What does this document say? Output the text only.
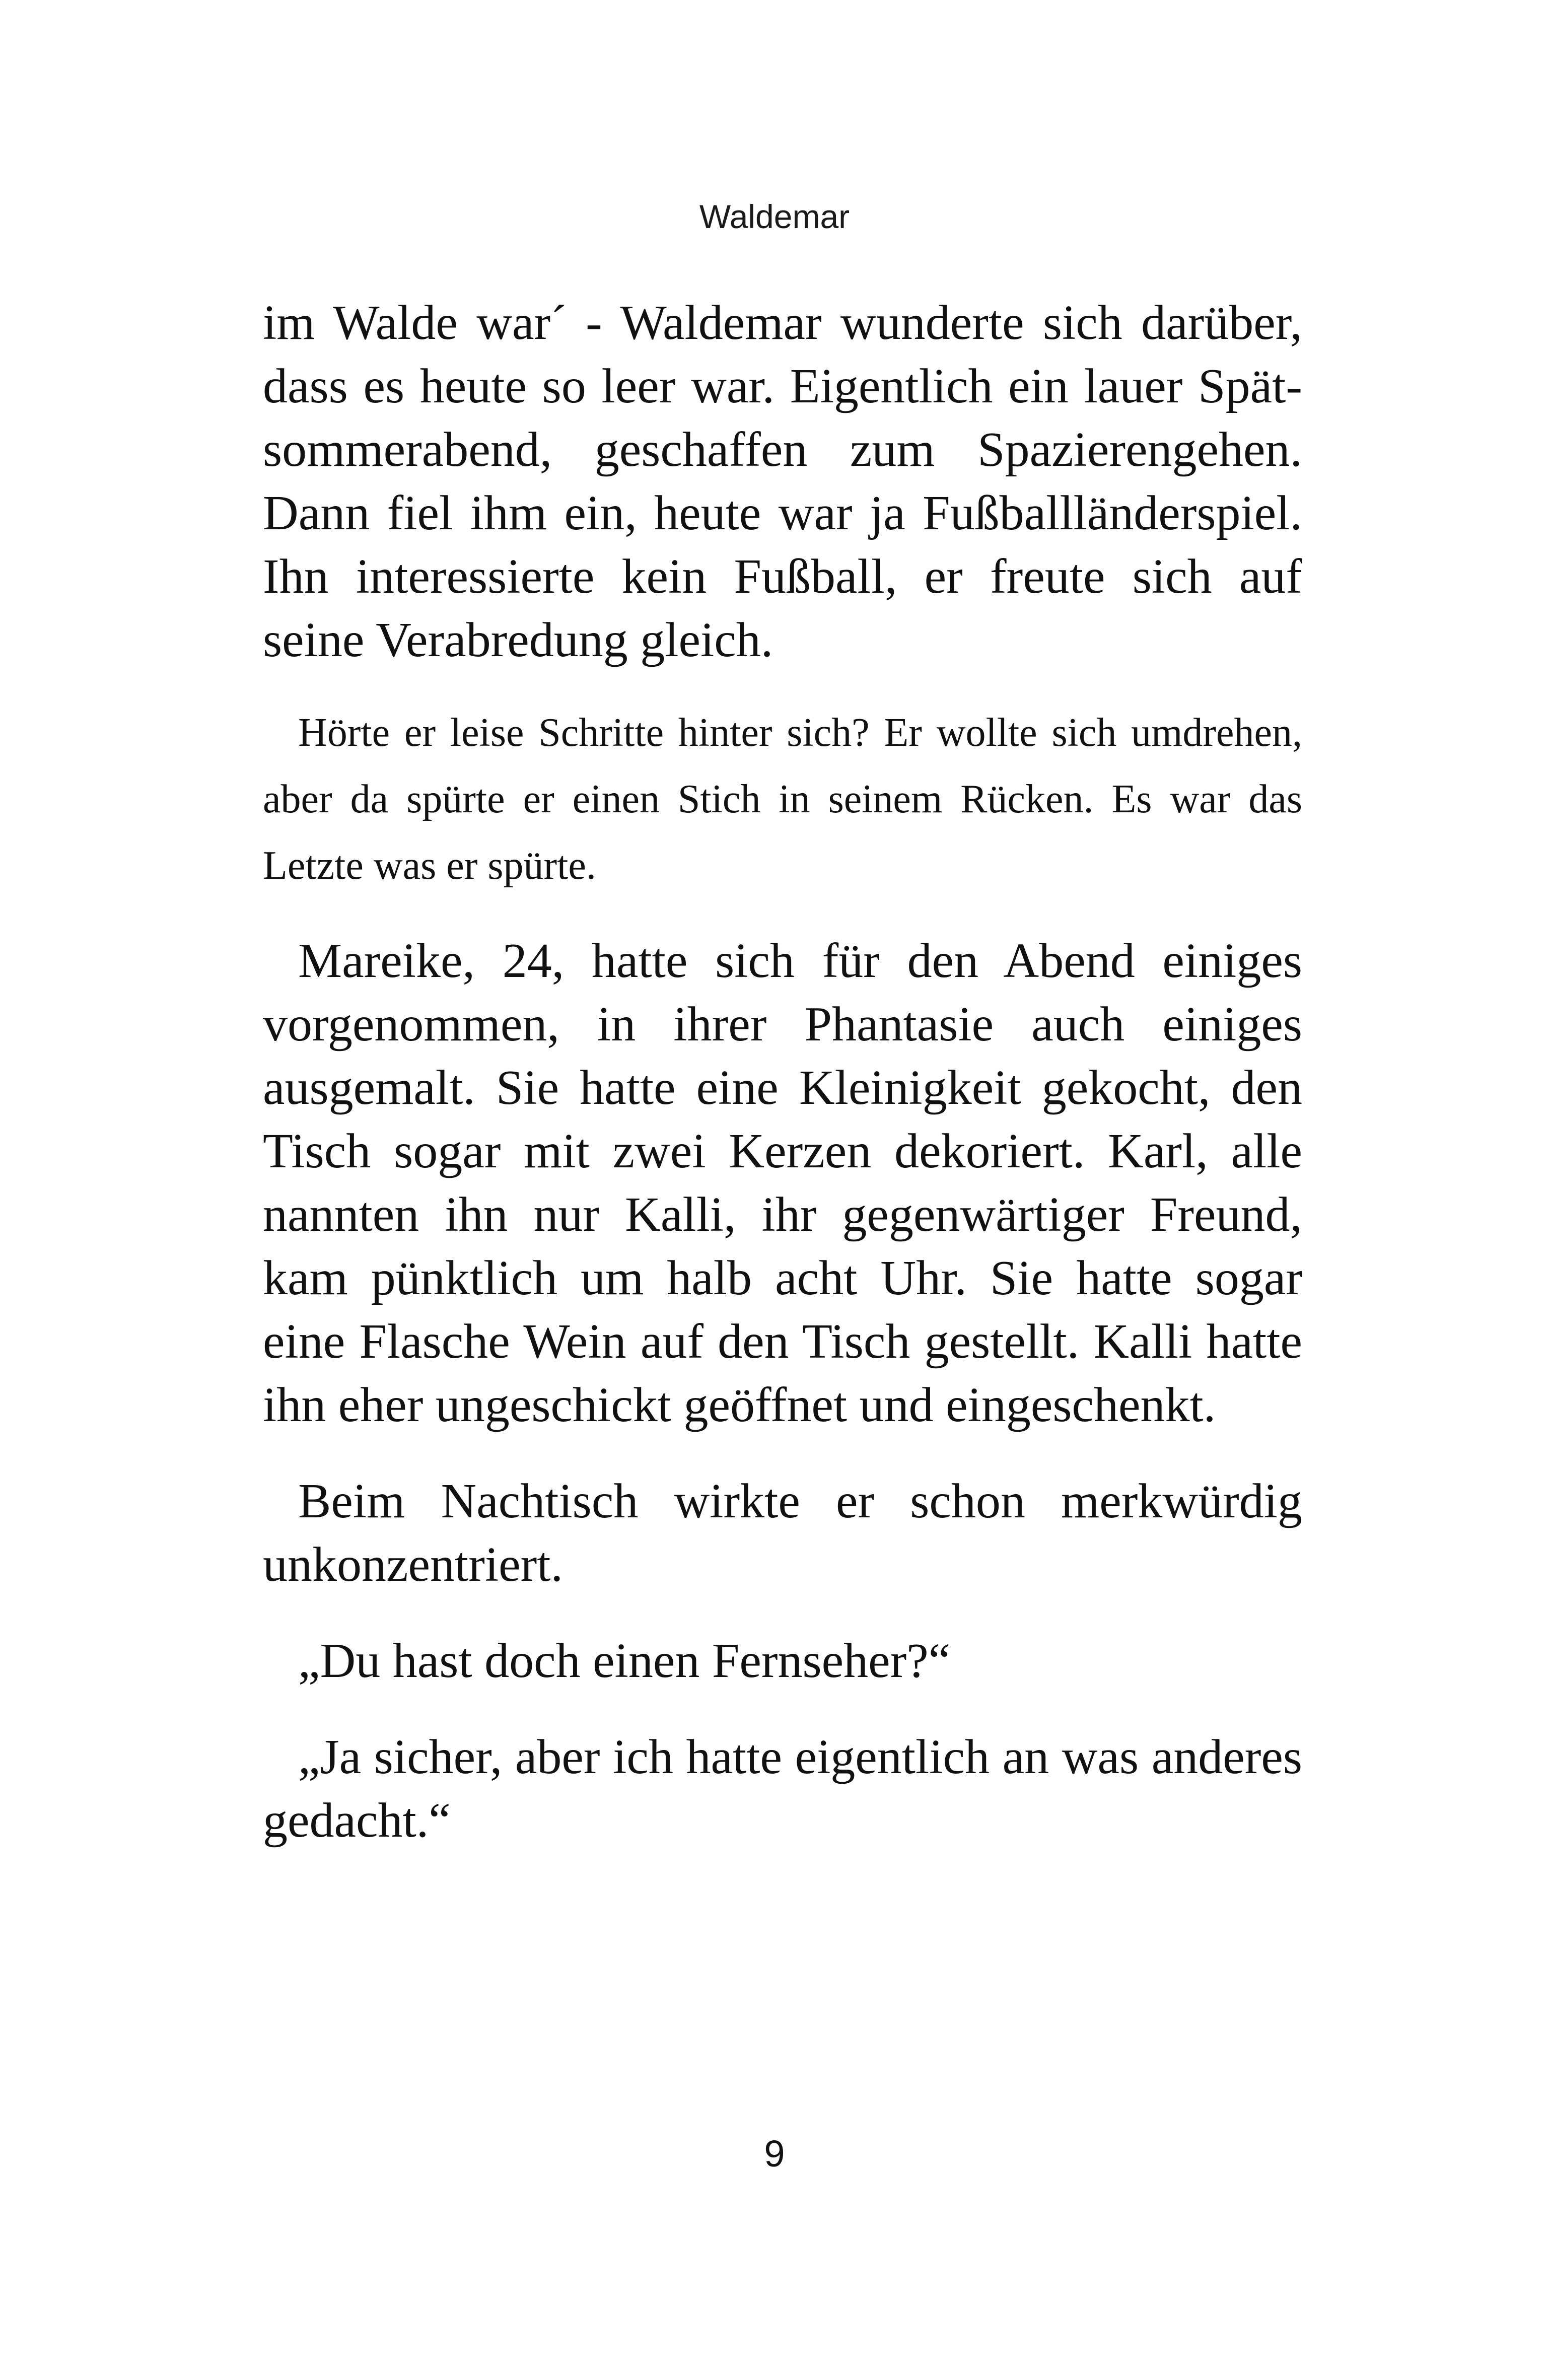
Waldemar

im Walde war´ - Waldemar wunderte sich darüber, dass es heute so leer war. Eigentlich ein lauer Spätsommerabend, geschaffen zum Spazierengehen. Dann fiel ihm ein, heute war ja Fußballländerspiel. Ihn interessierte kein Fußball, er freute sich auf seine Verabredung gleich.

Hörte er leise Schritte hinter sich? Er wollte sich umdrehen, aber da spürte er einen Stich in seinem Rücken. Es war das Letzte was er spürte.

Mareike, 24, hatte sich für den Abend einiges vorgenommen, in ihrer Phantasie auch einiges ausgemalt. Sie hatte eine Kleinigkeit gekocht, den Tisch sogar mit zwei Kerzen dekoriert. Karl, alle nannten ihn nur Kalli, ihr gegenwärtiger Freund, kam pünktlich um halb acht Uhr. Sie hatte sogar eine Flasche Wein auf den Tisch gestellt. Kalli hatte ihn eher ungeschickt geöffnet und eingeschenkt.

Beim Nachtisch wirkte er schon merkwürdig unkonzentriert.

„Du hast doch einen Fernseher?“

„Ja sicher, aber ich hatte eigentlich an was anderes gedacht.“

9
